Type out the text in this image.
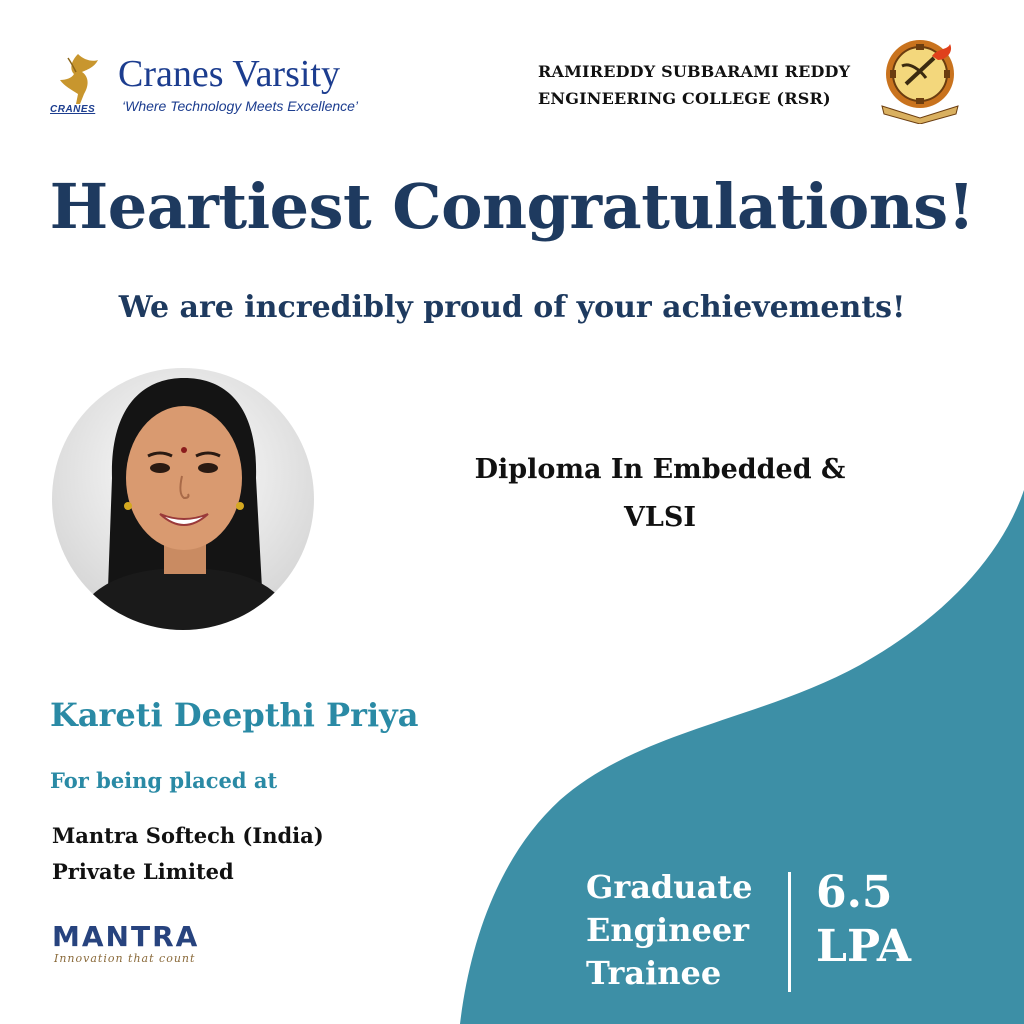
CRANES
Cranes Varsity
‘Where Technology Meets Excellence’
RAMIREDDY SUBBARAMI REDDY
ENGINEERING COLLEGE (RSR)
Heartiest Congratulations!
We are incredibly proud of your achievements!
Diploma In Embedded &
VLSI
Kareti Deepthi Priya
For being placed at
Mantra Softech (India)
Private Limited
MANTRA
Innovation that count
Graduate
Engineer
Trainee
6.5
LPA
